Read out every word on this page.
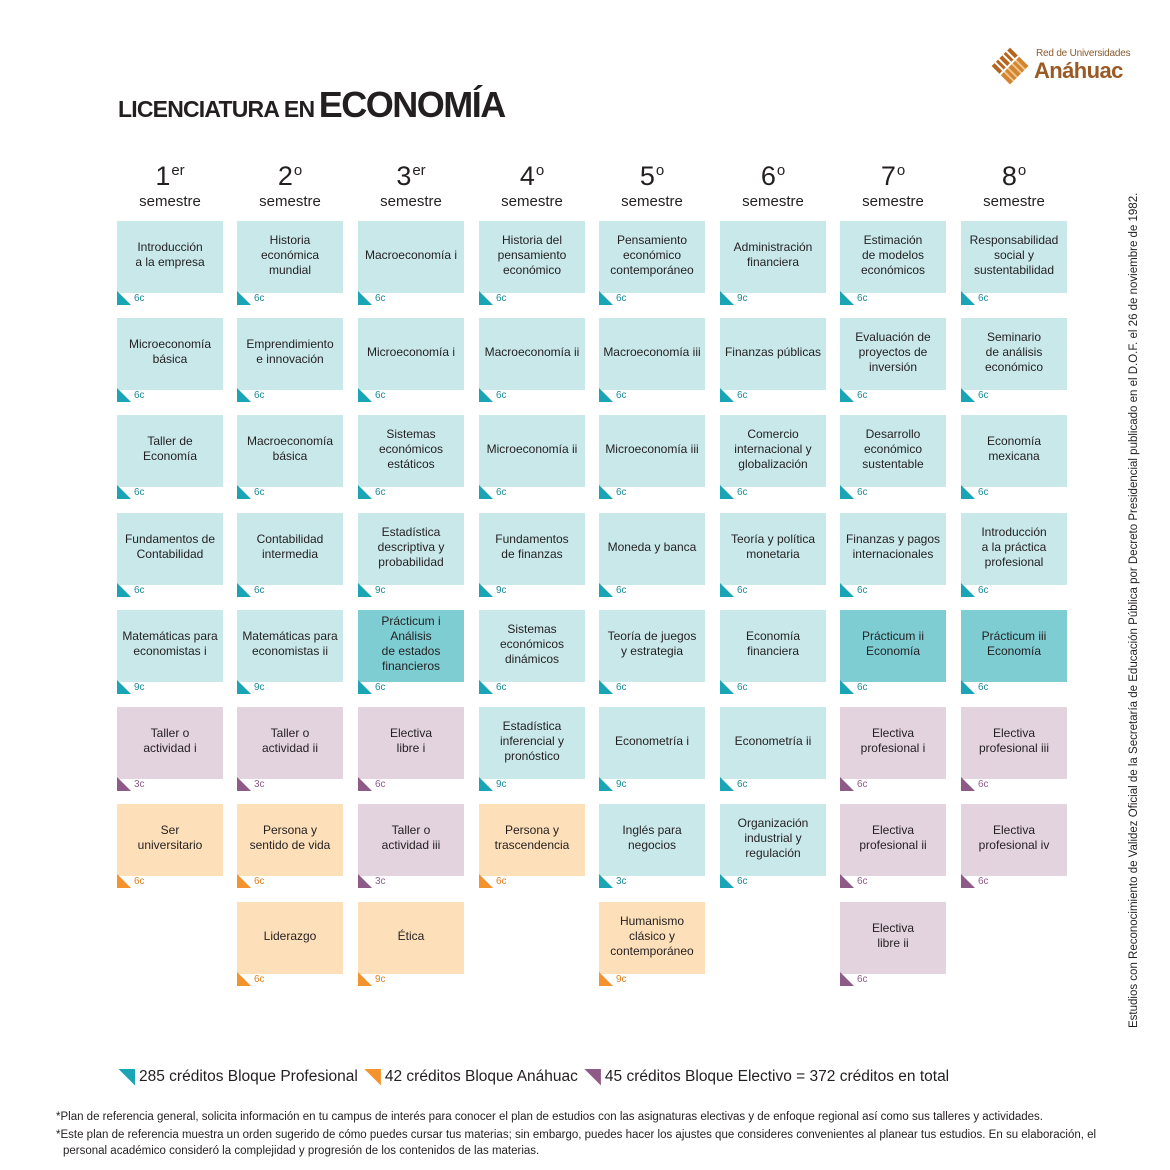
Red de Universidades
Anáhuac
LICENCIATURA EN ECONOMÍA
1er
semestre
2$^o$
semestre
3er
semestre
4$^o$
semestre
5$^o$
semestre
6$^o$
semestre
7$^o$
semestre
8$^o$
semestre
Introducción
a la empresa
6c
Microeconomía
básica
6c
Taller de
Economía
6c
Fundamentos de
Contabilidad
6c
Matemáticas para
economistas i
9c
Taller o
actividad i
3c
Ser
universitario
6c
Historia
económica
mundial
6c
Emprendimiento
e innovación
6c
Macroeconomía
básica
6c
Contabilidad
intermedia
6c
Matemáticas para
economistas ii
9c
Taller o
actividad ii
3c
Persona y
sentido de vida
6c
Liderazgo
6c
Macroeconomía i
6c
Microeconomía i
6c
Sistemas
económicos
estáticos
6c
Estadística
descriptiva y
probabilidad
9c
Prácticum i
Análisis
de estados
financieros
6c
Electiva
libre i
6c
Taller o
actividad iii
3c
Ética
9c
Historia del
pensamiento
económico
6c
Macroeconomía ii
6c
Microeconomía ii
6c
Fundamentos
de finanzas
9c
Sistemas
económicos
dinámicos
6c
Estadística
inferencial y
pronóstico
9c
Persona y
trascendencia
6c
Pensamiento
económico
contemporáneo
6c
Macroeconomía iii
6c
Microeconomía iii
6c
Moneda y banca
6c
Teoría de juegos
y estrategia
6c
Econometría i
9c
Inglés para
negocios
3c
Humanismo
clásico y
contemporáneo
9c
Administración
financiera
9c
Finanzas públicas
6c
Comercio
internacional y
globalización
6c
Teoría y política
monetaria
6c
Economía
financiera
6c
Econometría ii
6c
Organización
industrial y
regulación
6c
Estimación
de modelos
económicos
6c
Evaluación de
proyectos de
inversión
6c
Desarrollo
económico
sustentable
6c
Finanzas y pagos
internacionales
6c
Prácticum ii
Economía
6c
Electiva
profesional i
6c
Electiva
profesional ii
6c
Electiva
libre ii
6c
Responsabilidad
social y
sustentabilidad
6c
Seminario
de análisis
económico
6c
Economía
mexicana
6c
Introducción
a la práctica
profesional
6c
Prácticum iii
Economía
6c
Electiva
profesional iii
6c
Electiva
profesional iv
6c	Estudios con Reconocimiento de Validez Oficial de la Secretaría de Educación Pública por Decreto Presidencial publicado en el D.O.F. el 26 de noviembre de 1982.
285 créditos Bloque Profesional 42 créditos Bloque Anáhuac 45 créditos Bloque Electivo = 372 créditos en total
*Plan de referencia general, solicita información en tu campus de interés para conocer el plan de estudios con las asignaturas electivas y de enfoque regional así como sus talleres y actividades.
*Este plan de referencia muestra un orden sugerido de cómo puedes cursar tus materias; sin embargo, puedes hacer los ajustes que consideres convenientes al planear tus estudios. En su elaboración, el
personal académico consideró la complejidad y progresión de los contenidos de las materias.
